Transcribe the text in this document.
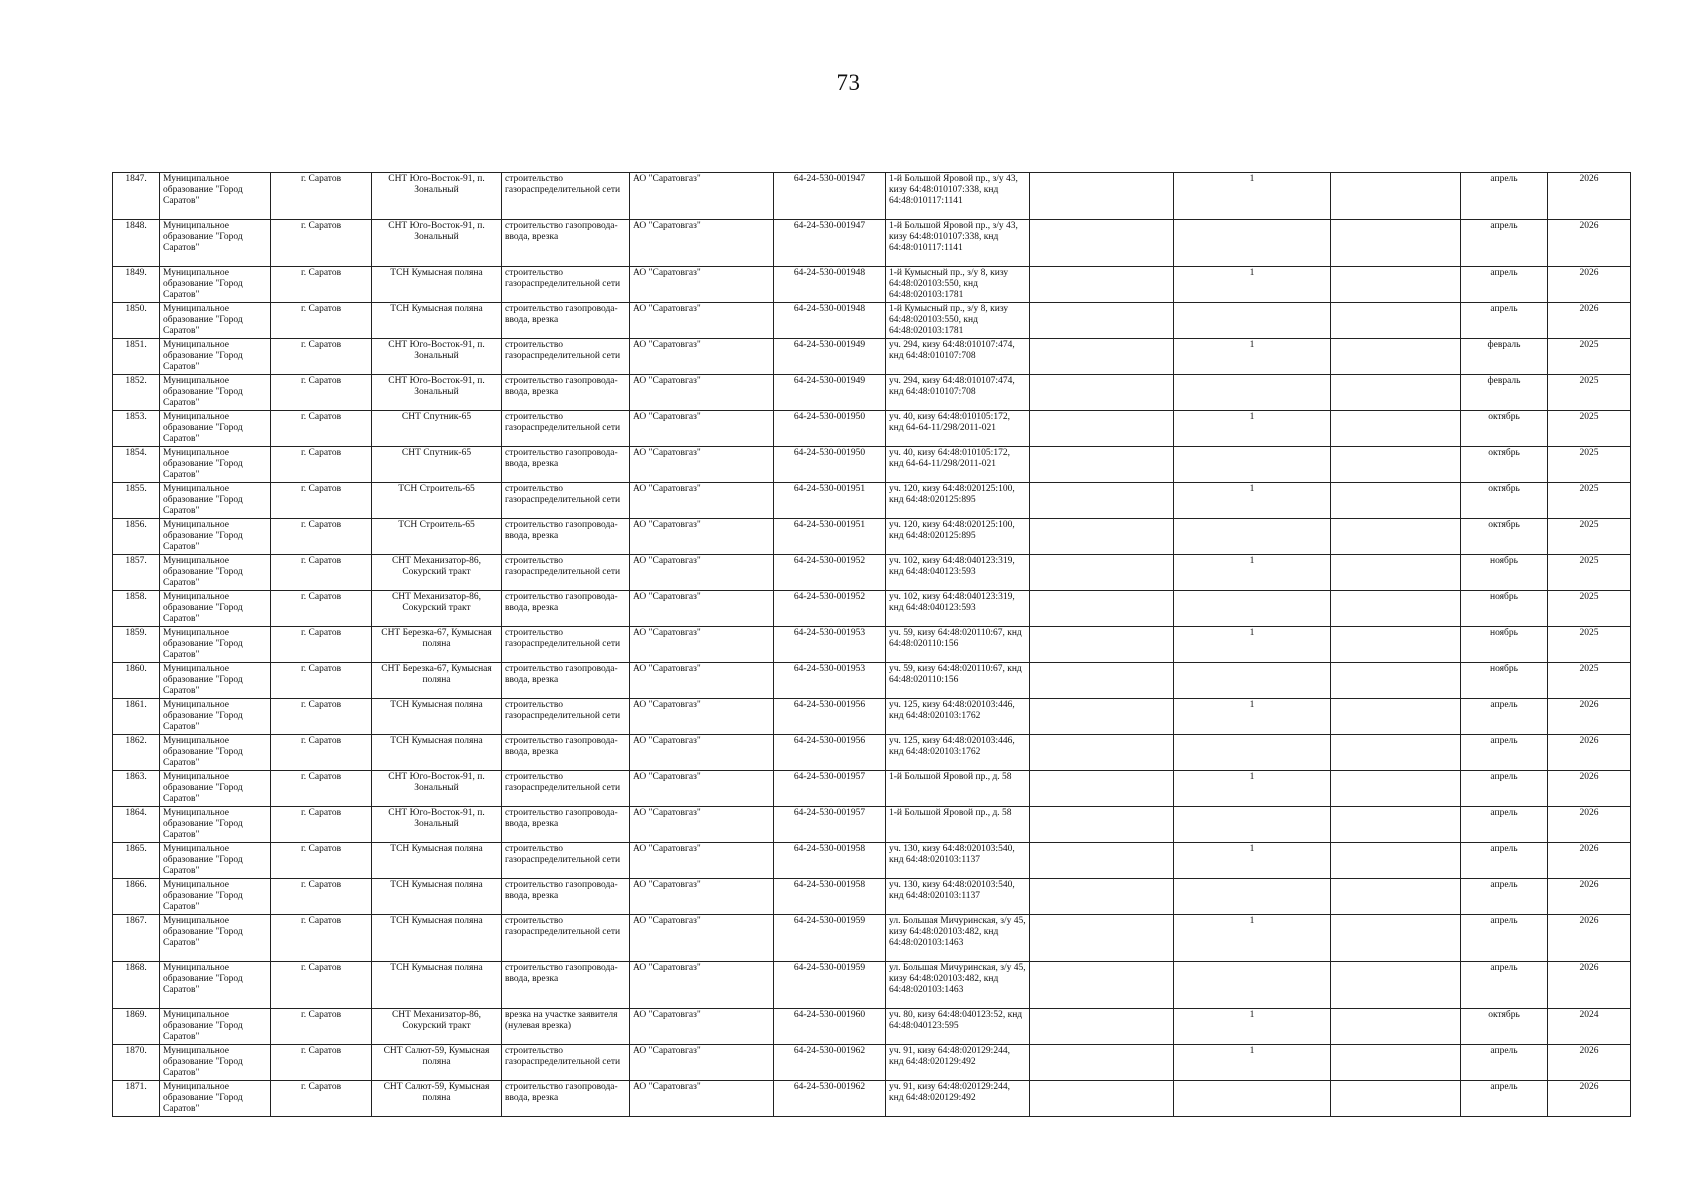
73
1847.	Муниципальное образование "Город Саратов"	г. Саратов	СНТ Юго-Восток-91, п. Зональный	строительство газораспределительной сети	АО "Саратовгаз"	64-24-530-001947	1-й Большой Яровой пр., з/у 43, кизу 64:48:010107:338, кнд 64:48:010117:1141		1		апрель	2026
1848.	Муниципальное образование "Город Саратов"	г. Саратов	СНТ Юго-Восток-91, п. Зональный	строительство газопровода-ввода, врезка	АО "Саратовгаз"	64-24-530-001947	1-й Большой Яровой пр., з/у 43, кизу 64:48:010107:338, кнд 64:48:010117:1141				апрель	2026
1849.	Муниципальное образование "Город Саратов"	г. Саратов	ТСН Кумысная поляна	строительство газораспределительной сети	АО "Саратовгаз"	64-24-530-001948	1-й Кумысный пр., з/у 8, кизу 64:48:020103:550, кнд 64:48:020103:1781		1		апрель	2026
1850.	Муниципальное образование "Город Саратов"	г. Саратов	ТСН Кумысная поляна	строительство газопровода-ввода, врезка	АО "Саратовгаз"	64-24-530-001948	1-й Кумысный пр., з/у 8, кизу 64:48:020103:550, кнд 64:48:020103:1781				апрель	2026
1851.	Муниципальное образование "Город Саратов"	г. Саратов	СНТ Юго-Восток-91, п. Зональный	строительство газораспределительной сети	АО "Саратовгаз"	64-24-530-001949	уч. 294, кизу 64:48:010107:474, кнд 64:48:010107:708		1		февраль	2025
1852.	Муниципальное образование "Город Саратов"	г. Саратов	СНТ Юго-Восток-91, п. Зональный	строительство газопровода-ввода, врезка	АО "Саратовгаз"	64-24-530-001949	уч. 294, кизу 64:48:010107:474, кнд 64:48:010107:708				февраль	2025
1853.	Муниципальное образование "Город Саратов"	г. Саратов	СНТ Спутник-65	строительство газораспределительной сети	АО "Саратовгаз"	64-24-530-001950	уч. 40, кизу 64:48:010105:172, кнд 64-64-11/298/2011-021		1		октябрь	2025
1854.	Муниципальное образование "Город Саратов"	г. Саратов	СНТ Спутник-65	строительство газопровода-ввода, врезка	АО "Саратовгаз"	64-24-530-001950	уч. 40, кизу 64:48:010105:172, кнд 64-64-11/298/2011-021				октябрь	2025
1855.	Муниципальное образование "Город Саратов"	г. Саратов	ТСН Строитель-65	строительство газораспределительной сети	АО "Саратовгаз"	64-24-530-001951	уч. 120, кизу 64:48:020125:100, кнд 64:48:020125:895		1		октябрь	2025
1856.	Муниципальное образование "Город Саратов"	г. Саратов	ТСН Строитель-65	строительство газопровода-ввода, врезка	АО "Саратовгаз"	64-24-530-001951	уч. 120, кизу 64:48:020125:100, кнд 64:48:020125:895				октябрь	2025
1857.	Муниципальное образование "Город Саратов"	г. Саратов	СНТ Механизатор-86, Сокурский тракт	строительство газораспределительной сети	АО "Саратовгаз"	64-24-530-001952	уч. 102, кизу 64:48:040123:319, кнд 64:48:040123:593		1		ноябрь	2025
1858.	Муниципальное образование "Город Саратов"	г. Саратов	СНТ Механизатор-86, Сокурский тракт	строительство газопровода-ввода, врезка	АО "Саратовгаз"	64-24-530-001952	уч. 102, кизу 64:48:040123:319, кнд 64:48:040123:593				ноябрь	2025
1859.	Муниципальное образование "Город Саратов"	г. Саратов	СНТ Березка-67, Кумысная поляна	строительство газораспределительной сети	АО "Саратовгаз"	64-24-530-001953	уч. 59, кизу 64:48:020110:67, кнд 64:48:020110:156		1		ноябрь	2025
1860.	Муниципальное образование "Город Саратов"	г. Саратов	СНТ Березка-67, Кумысная поляна	строительство газопровода-ввода, врезка	АО "Саратовгаз"	64-24-530-001953	уч. 59, кизу 64:48:020110:67, кнд 64:48:020110:156				ноябрь	2025
1861.	Муниципальное образование "Город Саратов"	г. Саратов	ТСН Кумысная поляна	строительство газораспределительной сети	АО "Саратовгаз"	64-24-530-001956	уч. 125, кизу 64:48:020103:446, кнд 64:48:020103:1762		1		апрель	2026
1862.	Муниципальное образование "Город Саратов"	г. Саратов	ТСН Кумысная поляна	строительство газопровода-ввода, врезка	АО "Саратовгаз"	64-24-530-001956	уч. 125, кизу 64:48:020103:446, кнд 64:48:020103:1762				апрель	2026
1863.	Муниципальное образование "Город Саратов"	г. Саратов	СНТ Юго-Восток-91, п. Зональный	строительство газораспределительной сети	АО "Саратовгаз"	64-24-530-001957	1-й Большой Яровой пр., д. 58		1		апрель	2026
1864.	Муниципальное образование "Город Саратов"	г. Саратов	СНТ Юго-Восток-91, п. Зональный	строительство газопровода-ввода, врезка	АО "Саратовгаз"	64-24-530-001957	1-й Большой Яровой пр., д. 58				апрель	2026
1865.	Муниципальное образование "Город Саратов"	г. Саратов	ТСН Кумысная поляна	строительство газораспределительной сети	АО "Саратовгаз"	64-24-530-001958	уч. 130, кизу 64:48:020103:540, кнд 64:48:020103:1137		1		апрель	2026
1866.	Муниципальное образование "Город Саратов"	г. Саратов	ТСН Кумысная поляна	строительство газопровода-ввода, врезка	АО "Саратовгаз"	64-24-530-001958	уч. 130, кизу 64:48:020103:540, кнд 64:48:020103:1137				апрель	2026
1867.	Муниципальное образование "Город Саратов"	г. Саратов	ТСН Кумысная поляна	строительство газораспределительной сети	АО "Саратовгаз"	64-24-530-001959	ул. Большая Мичуринская, з/у 45, кизу 64:48:020103:482, кнд 64:48:020103:1463		1		апрель	2026
1868.	Муниципальное образование "Город Саратов"	г. Саратов	ТСН Кумысная поляна	строительство газопровода-ввода, врезка	АО "Саратовгаз"	64-24-530-001959	ул. Большая Мичуринская, з/у 45, кизу 64:48:020103:482, кнд 64:48:020103:1463				апрель	2026
1869.	Муниципальное образование "Город Саратов"	г. Саратов	СНТ Механизатор-86, Сокурский тракт	врезка на участке заявителя (нулевая врезка)	АО "Саратовгаз"	64-24-530-001960	уч. 80, кизу 64:48:040123:52, кнд 64:48:040123:595		1		октябрь	2024
1870.	Муниципальное образование "Город Саратов"	г. Саратов	СНТ Салют-59, Кумысная поляна	строительство газораспределительной сети	АО "Саратовгаз"	64-24-530-001962	уч. 91, кизу 64:48:020129:244, кнд 64:48:020129:492		1		апрель	2026
1871.	Муниципальное образование "Город Саратов"	г. Саратов	СНТ Салют-59, Кумысная поляна	строительство газопровода-ввода, врезка	АО "Саратовгаз"	64-24-530-001962	уч. 91, кизу 64:48:020129:244, кнд 64:48:020129:492				апрель	2026
